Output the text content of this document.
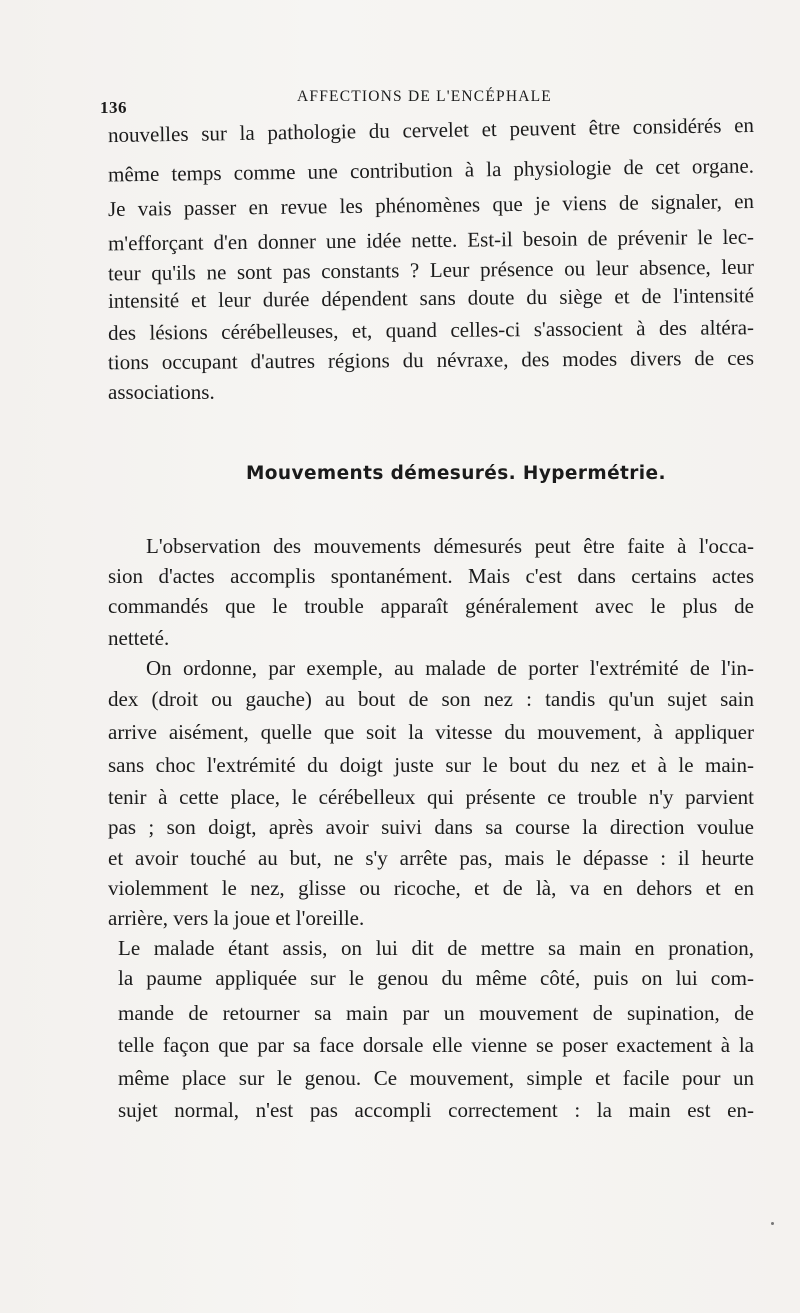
136
AFFECTIONS DE L'ENCÉPHALE
nouvelles sur la pathologie du cervelet et peuvent être considérés en
même temps comme une contribution à la physiologie de cet organe.
Je vais passer en revue les phénomènes que je viens de signaler, en
m'efforçant d'en donner une idée nette. Est-il besoin de prévenir le lec-
teur qu'ils ne sont pas constants ? Leur présence ou leur absence, leur
intensité et leur durée dépendent sans doute du siège et de l'intensité
des lésions cérébelleuses, et, quand celles-ci s'associent à des altéra-
tions occupant d'autres régions du névraxe, des modes divers de ces
associations.
Mouvements démesurés. Hypermétrie.
L'observation des mouvements démesurés peut être faite à l'occa-
sion d'actes accomplis spontanément. Mais c'est dans certains actes
commandés que le trouble apparaît généralement avec le plus de
netteté.
On ordonne, par exemple, au malade de porter l'extrémité de l'in-
dex (droit ou gauche) au bout de son nez : tandis qu'un sujet sain
arrive aisément, quelle que soit la vitesse du mouvement, à appliquer
sans choc l'extrémité du doigt juste sur le bout du nez et à le main-
tenir à cette place, le cérébelleux qui présente ce trouble n'y parvient
pas ; son doigt, après avoir suivi dans sa course la direction voulue
et avoir touché au but, ne s'y arrête pas, mais le dépasse : il heurte
violemment le nez, glisse ou ricoche, et de là, va en dehors et en
arrière, vers la joue et l'oreille.
Le malade étant assis, on lui dit de mettre sa main en pronation,
la paume appliquée sur le genou du même côté, puis on lui com-
mande de retourner sa main par un mouvement de supination, de
telle façon que par sa face dorsale elle vienne se poser exactement à la
même place sur le genou. Ce mouvement, simple et facile pour un
sujet normal, n'est pas accompli correctement : la main est en-
